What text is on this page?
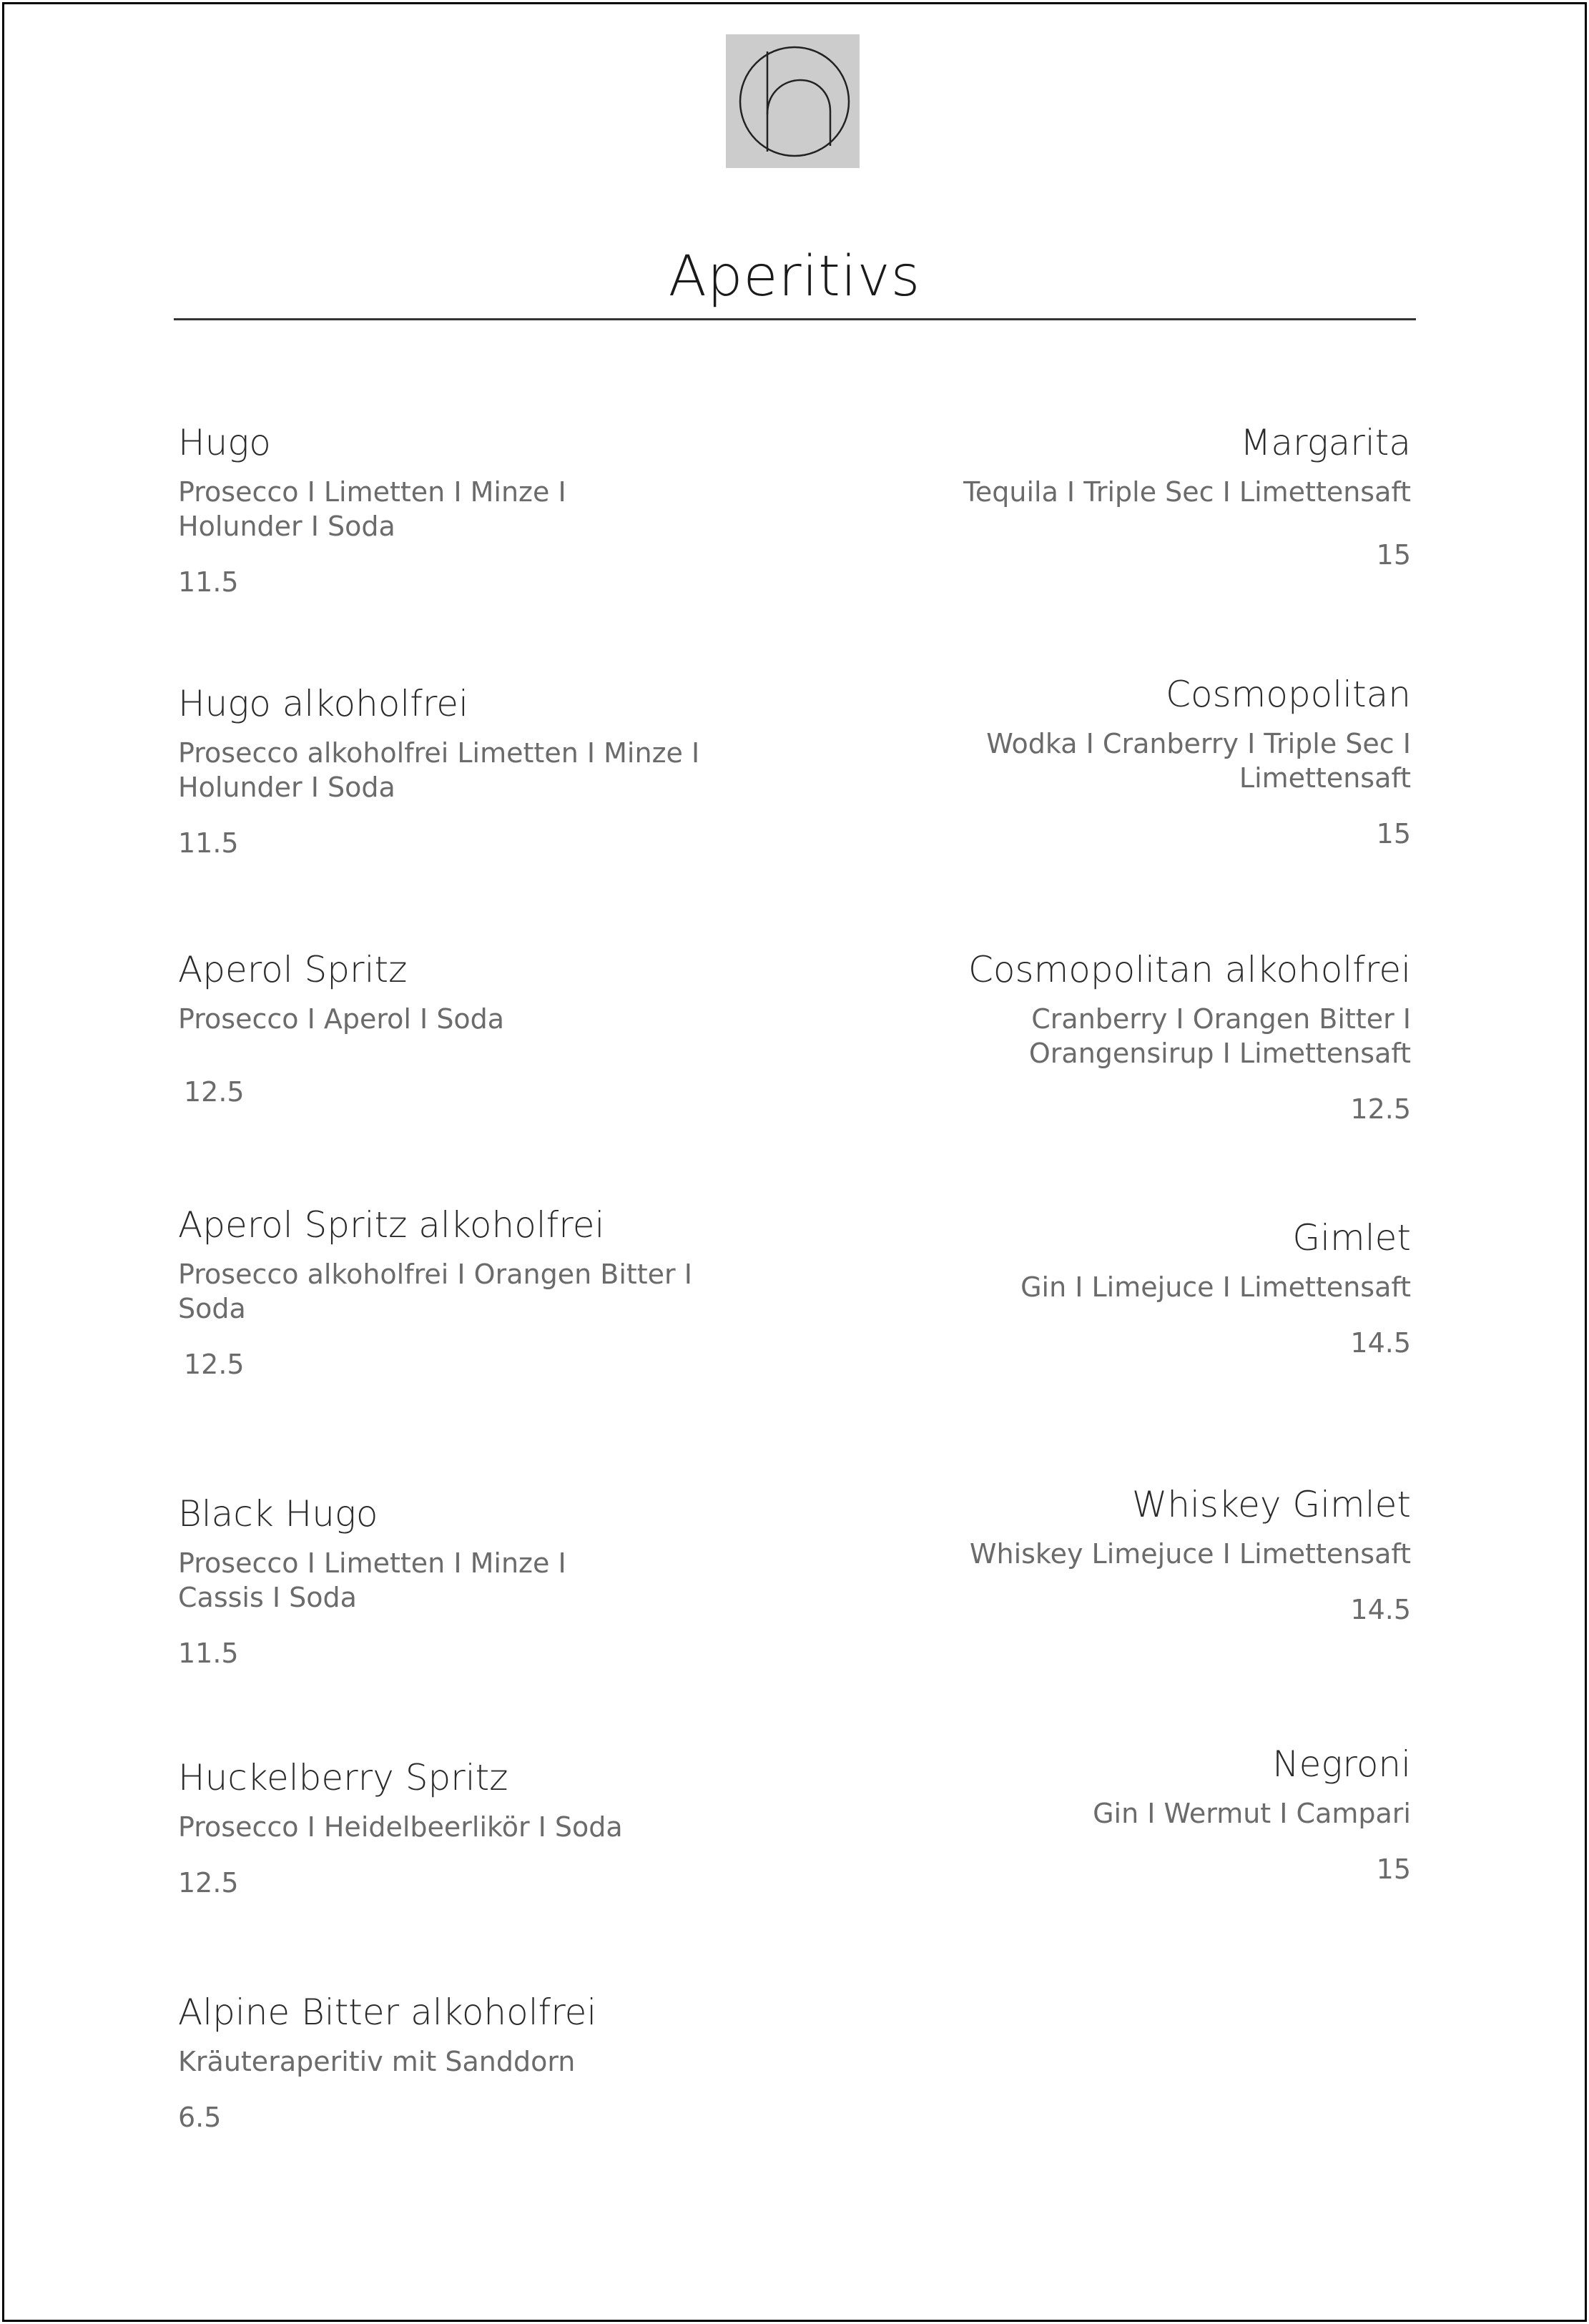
Aperitivs
Hugo
Prosecco I Limetten I Minze I Holunder I Soda
11.5
Hugo alkoholfrei
Prosecco alkoholfrei Limetten I Minze I Holunder I Soda
11.5
Aperol Spritz
Prosecco I Aperol I Soda
12.5
Aperol Spritz alkoholfrei
Prosecco alkoholfrei I Orangen Bitter I Soda
12.5
Black Hugo
Prosecco I Limetten I Minze I Cassis I Soda
11.5
Huckelberry Spritz
Prosecco I Heidelbeerlikör I Soda
12.5
Alpine Bitter alkoholfrei
Kräuteraperitiv mit Sanddorn
6.5
Margarita
Tequila I Triple Sec I Limettensaft
15
Cosmopolitan
Wodka I Cranberry I Triple Sec I Limettensaft
15
Cosmopolitan alkoholfrei
Cranberry I Orangen Bitter I Orangensirup I Limettensaft
12.5
Gimlet
Gin I Limejuce I Limettensaft
14.5
Whiskey Gimlet
Whiskey Limejuce I Limettensaft
14.5
Negroni
Gin I Wermut I Campari
15
